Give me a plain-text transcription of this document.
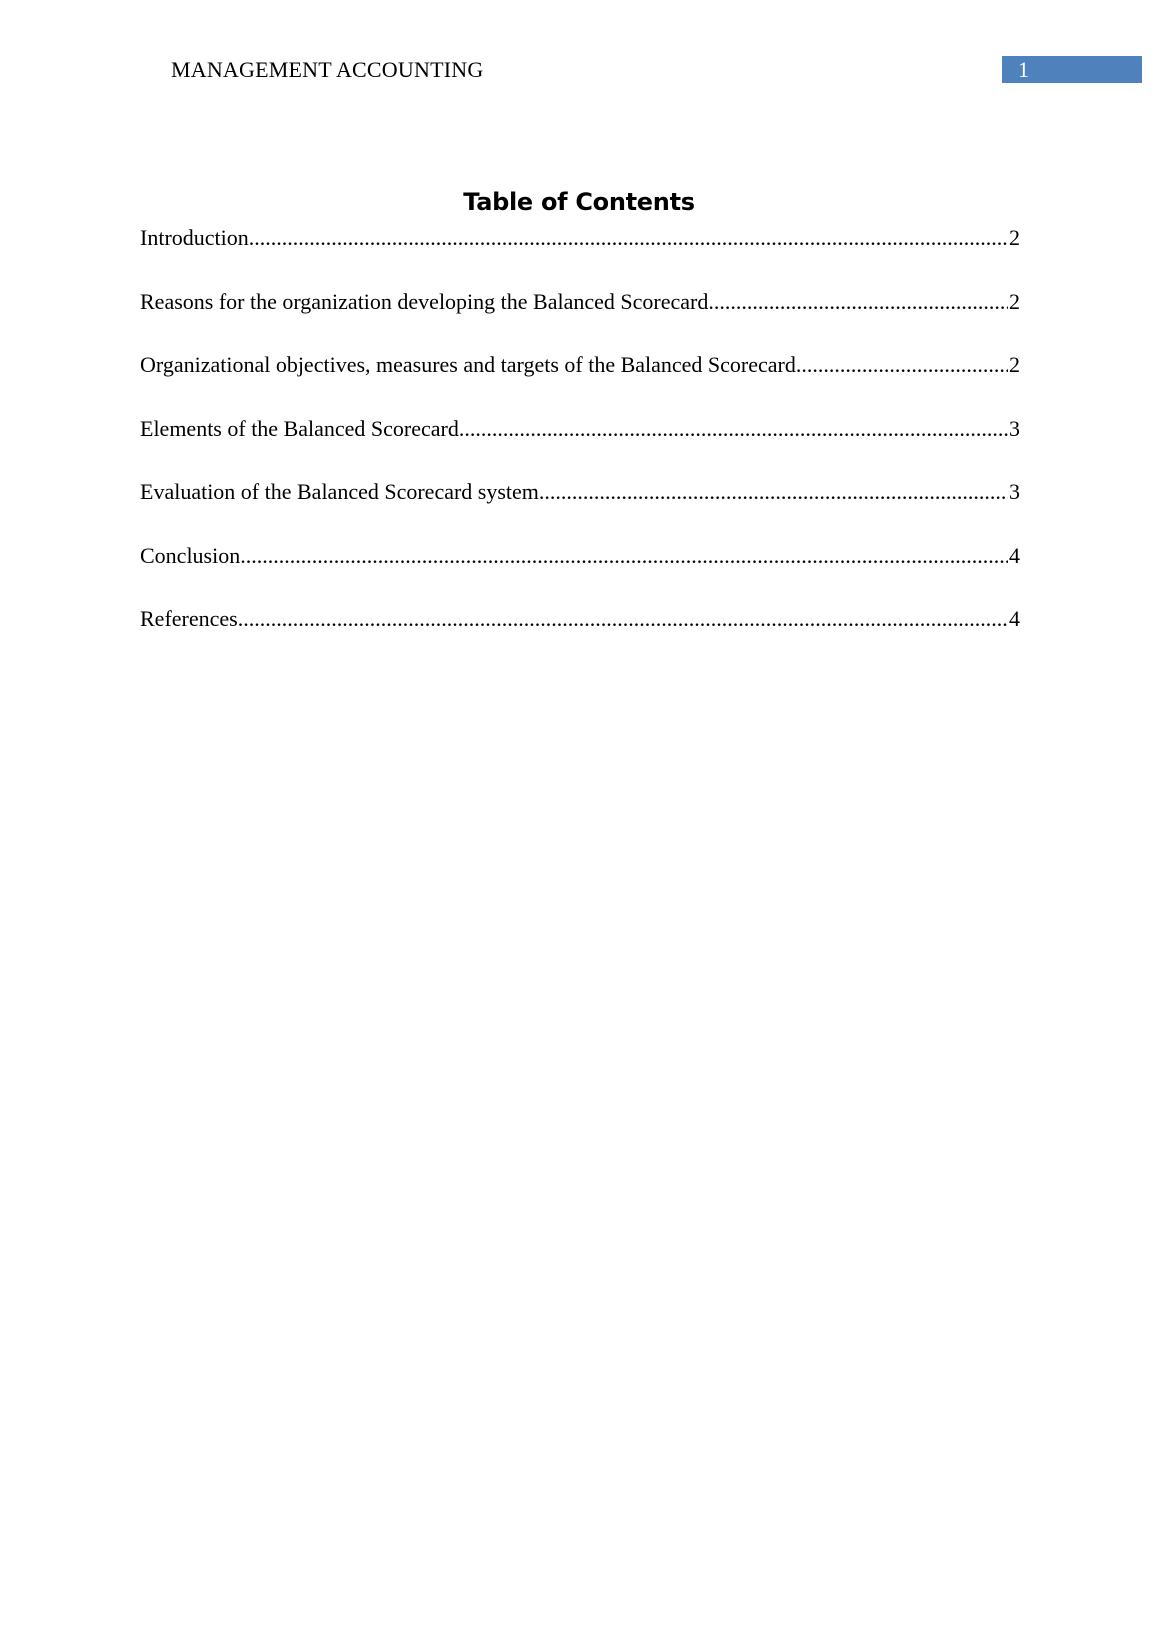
MANAGEMENT ACCOUNTING	1
Table of Contents
Introduction .....	2
Reasons for the organization developing the Balanced Scorecard .....	2
Organizational objectives, measures and targets of the Balanced Scorecard .....	2
Elements of the Balanced Scorecard .....	3
Evaluation of the Balanced Scorecard system .....	3
Conclusion .....	4
References .....	4
